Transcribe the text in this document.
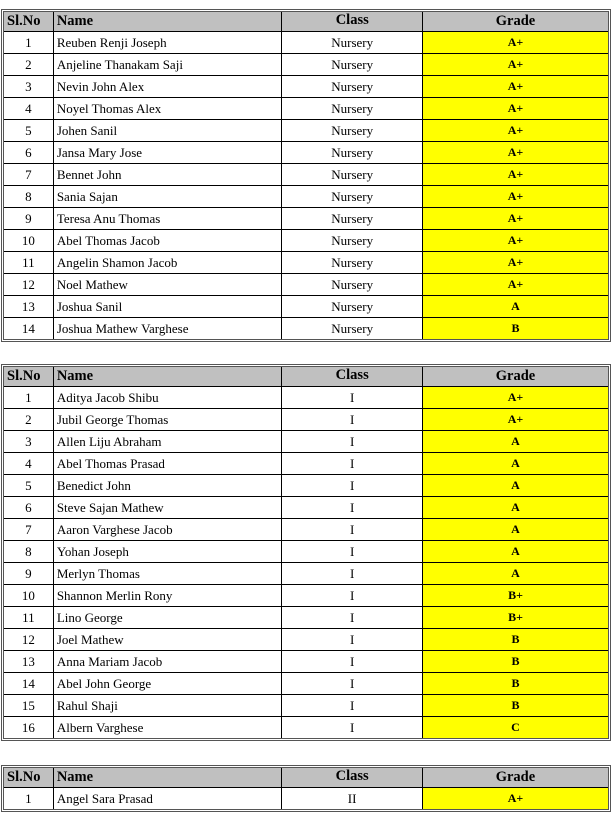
Sl.No	Name	Class	Grade
1	Reuben Renji Joseph	Nursery	A+
2	Anjeline Thanakam Saji	Nursery	A+
3	Nevin John Alex	Nursery	A+
4	Noyel Thomas Alex	Nursery	A+
5	Johen Sanil	Nursery	A+
6	Jansa Mary Jose	Nursery	A+
7	Bennet John	Nursery	A+
8	Sania Sajan	Nursery	A+
9	Teresa Anu Thomas	Nursery	A+
10	Abel Thomas Jacob	Nursery	A+
11	Angelin Shamon Jacob	Nursery	A+
12	Noel Mathew	Nursery	A+
13	Joshua Sanil	Nursery	A
14	Joshua Mathew Varghese	Nursery	B
Sl.No	Name	Class	Grade
1	Aditya Jacob Shibu	I	A+
2	Jubil George Thomas	I	A+
3	Allen Liju Abraham	I	A
4	Abel Thomas Prasad	I	A
5	Benedict John	I	A
6	Steve Sajan Mathew	I	A
7	Aaron Varghese Jacob	I	A
8	Yohan Joseph	I	A
9	Merlyn Thomas	I	A
10	Shannon Merlin Rony	I	B+
11	Lino George	I	B+
12	Joel Mathew	I	B
13	Anna Mariam Jacob	I	B
14	Abel John George	I	B
15	Rahul Shaji	I	B
16	Albern Varghese	I	C
Sl.No	Name	Class	Grade
1	Angel Sara Prasad	II	A+
